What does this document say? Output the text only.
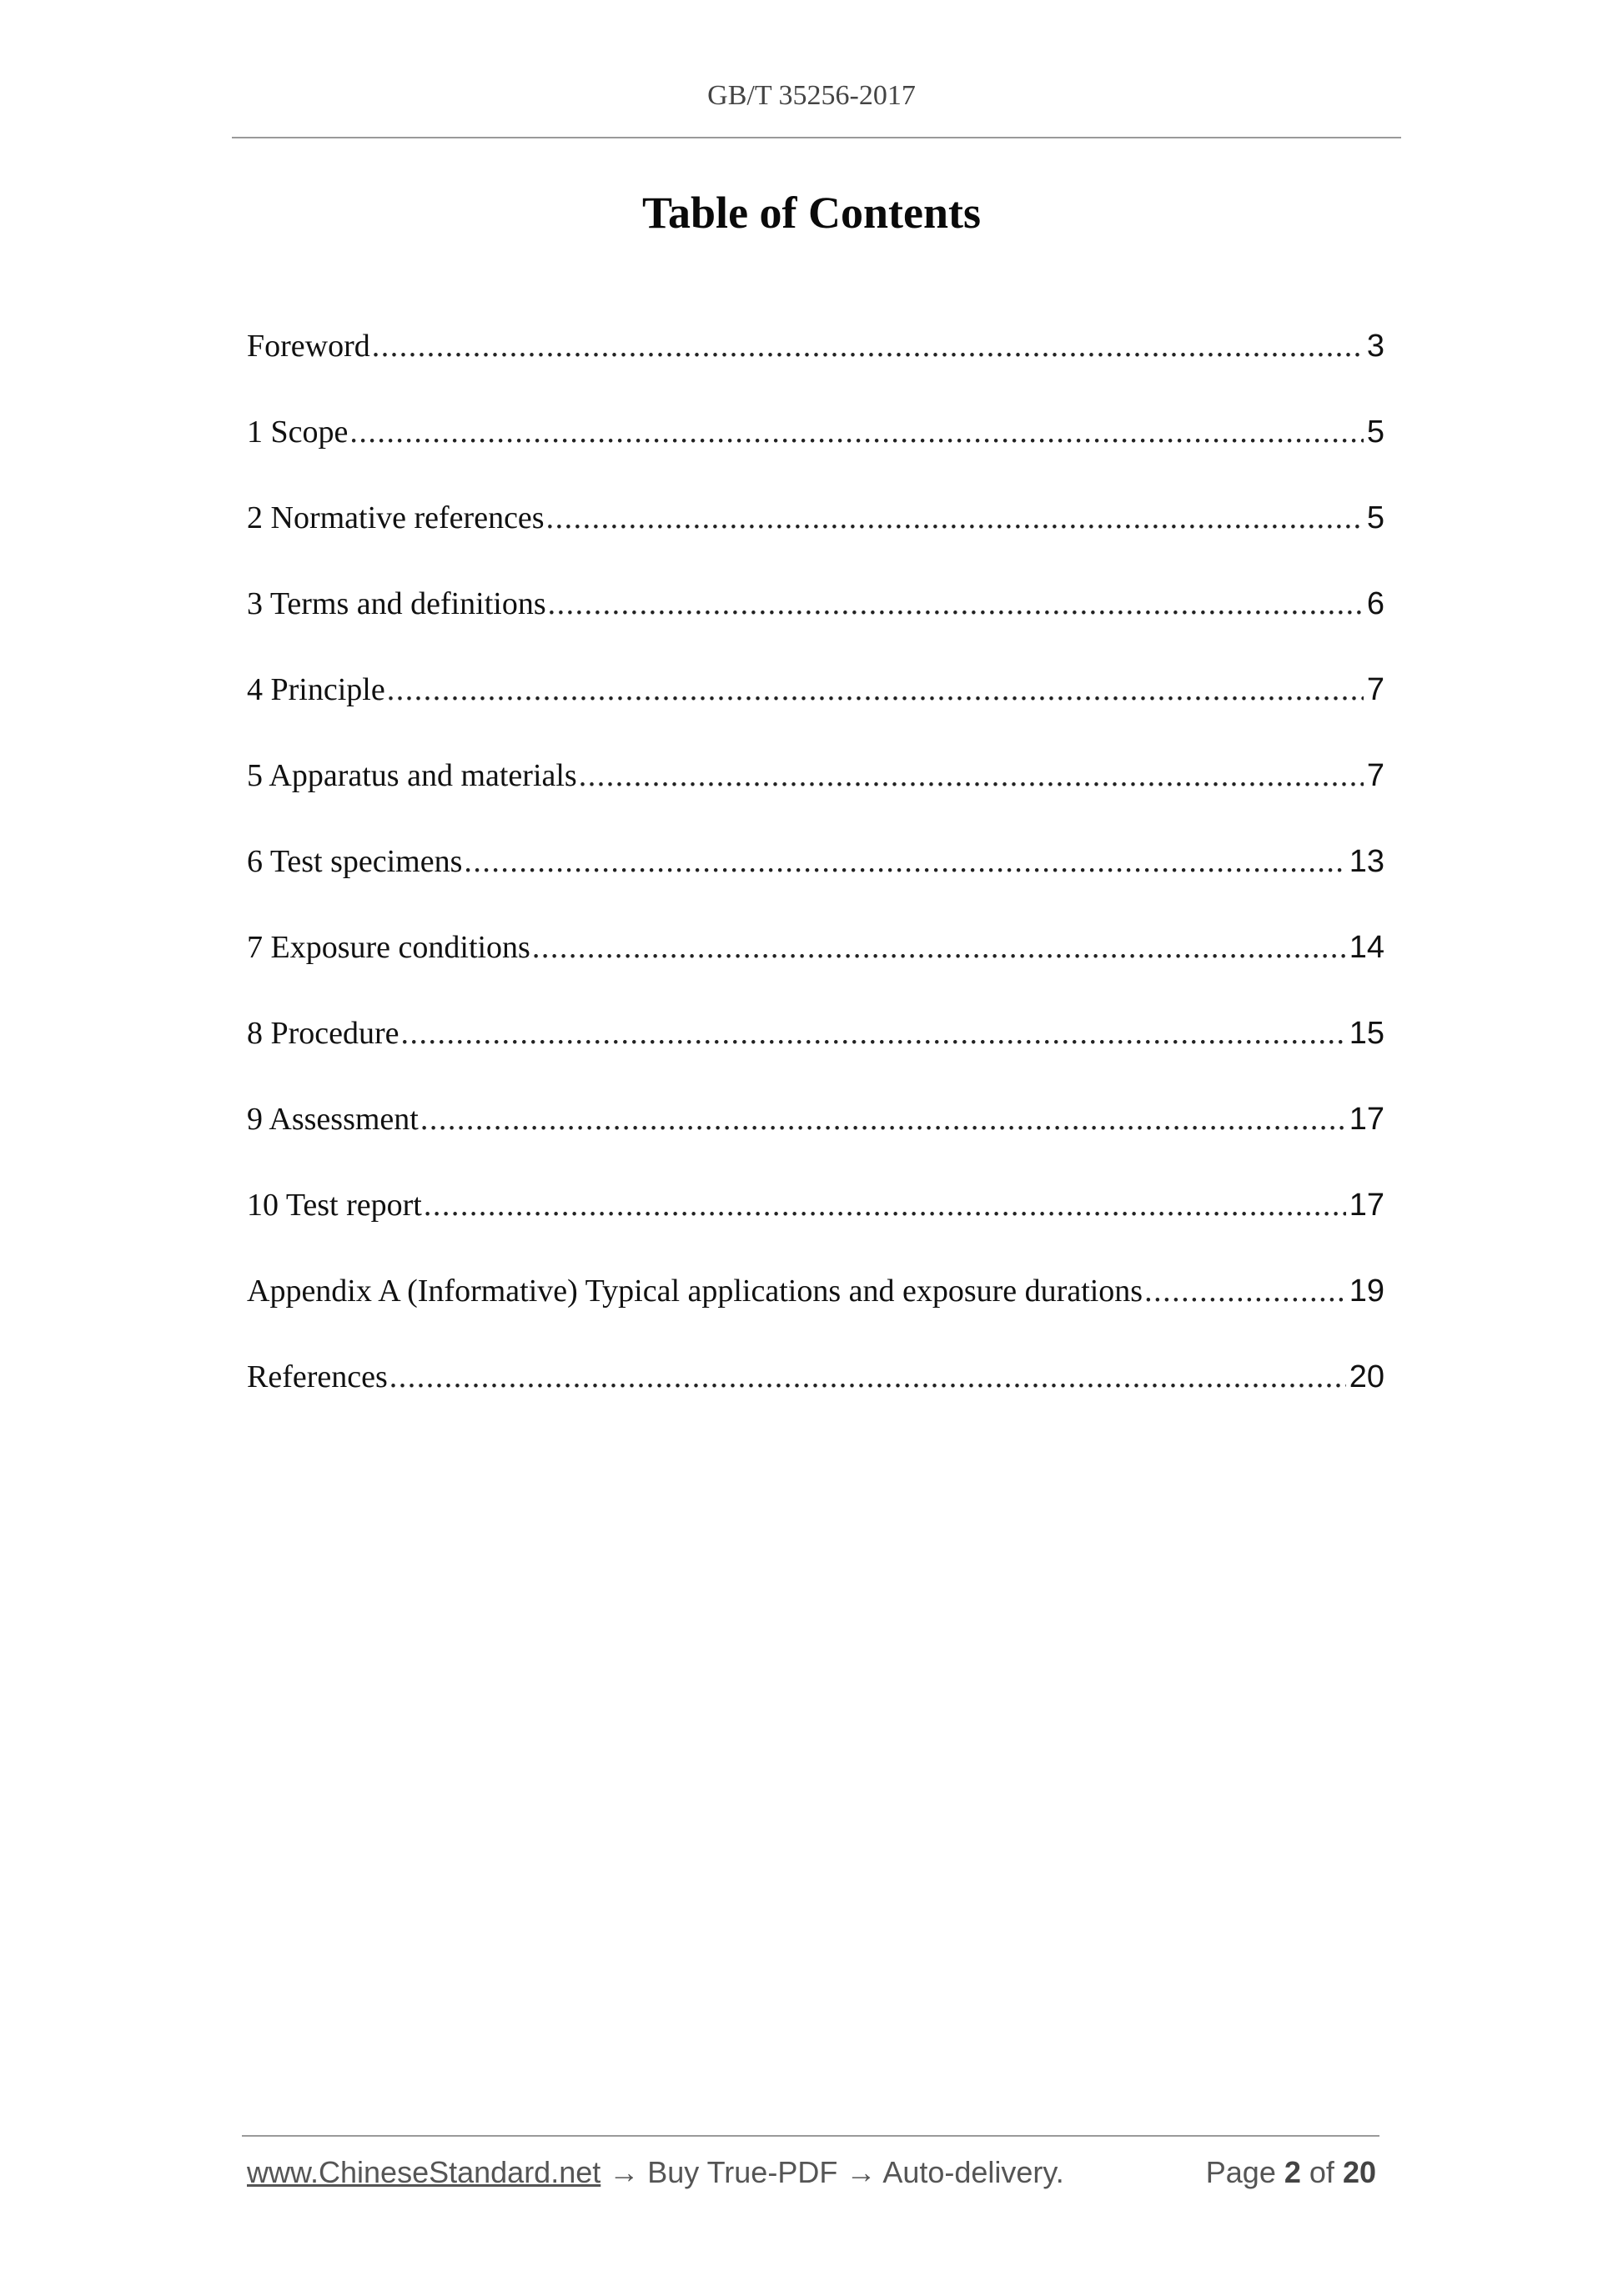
GB/T 35256-2017
Table of Contents
Foreword .....	3
1 Scope .....	5
2 Normative references .....	5
3 Terms and definitions .....	6
4 Principle .....	7
5 Apparatus and materials .....	7
6 Test specimens .....	13
7 Exposure conditions .....	14
8 Procedure .....	15
9 Assessment .....	17
10 Test report .....	17
Appendix A (Informative) Typical applications and exposure durations .....	19
References .....	20
www.ChineseStandard.net → Buy True-PDF → Auto-delivery.	Page 2 of 20
